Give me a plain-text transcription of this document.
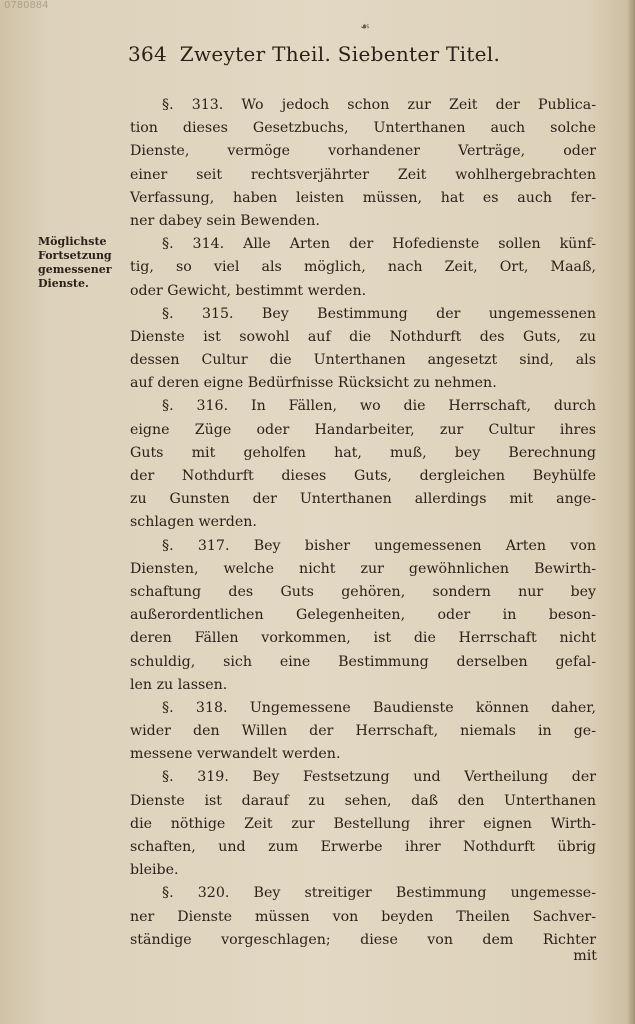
0780884
☙
364 Zweyter Theil. Siebenter Titel.
Möglichste
Fortsetzung
gemessener
Dienste.
§. 313. Wo jedoch schon zur Zeit der Publica-
tion dieses Gesetzbuchs, Unterthanen auch solche
Dienste, vermöge vorhandener Verträge, oder
einer seit rechtsverjährter Zeit wohlhergebrachten
Verfassung, haben leisten müssen, hat es auch fer-
ner dabey sein Bewenden.
§. 314. Alle Arten der Hofedienste sollen künf-
tig, so viel als möglich, nach Zeit, Ort, Maaß,
oder Gewicht, bestimmt werden.
§. 315. Bey Bestimmung der ungemessenen
Dienste ist sowohl auf die Nothdurft des Guts, zu
dessen Cultur die Unterthanen angesetzt sind, als
auf deren eigne Bedürfnisse Rücksicht zu nehmen.
§. 316. In Fällen, wo die Herrschaft, durch
eigne Züge oder Handarbeiter, zur Cultur ihres
Guts mit geholfen hat, muß, bey Berechnung
der Nothdurft dieses Guts, dergleichen Beyhülfe
zu Gunsten der Unterthanen allerdings mit ange-
schlagen werden.
§. 317. Bey bisher ungemessenen Arten von
Diensten, welche nicht zur gewöhnlichen Bewirth-
schaftung des Guts gehören, sondern nur bey
außerordentlichen Gelegenheiten, oder in beson-
deren Fällen vorkommen, ist die Herrschaft nicht
schuldig, sich eine Bestimmung derselben gefal-
len zu lassen.
§. 318. Ungemessene Baudienste können daher,
wider den Willen der Herrschaft, niemals in ge-
messene verwandelt werden.
§. 319. Bey Festsetzung und Vertheilung der
Dienste ist darauf zu sehen, daß den Unterthanen
die nöthige Zeit zur Bestellung ihrer eignen Wirth-
schaften, und zum Erwerbe ihrer Nothdurft übrig
bleibe.
§. 320. Bey streitiger Bestimmung ungemesse-
ner Dienste müssen von beyden Theilen Sachver-
ständige vorgeschlagen; diese von dem Richter
mit
